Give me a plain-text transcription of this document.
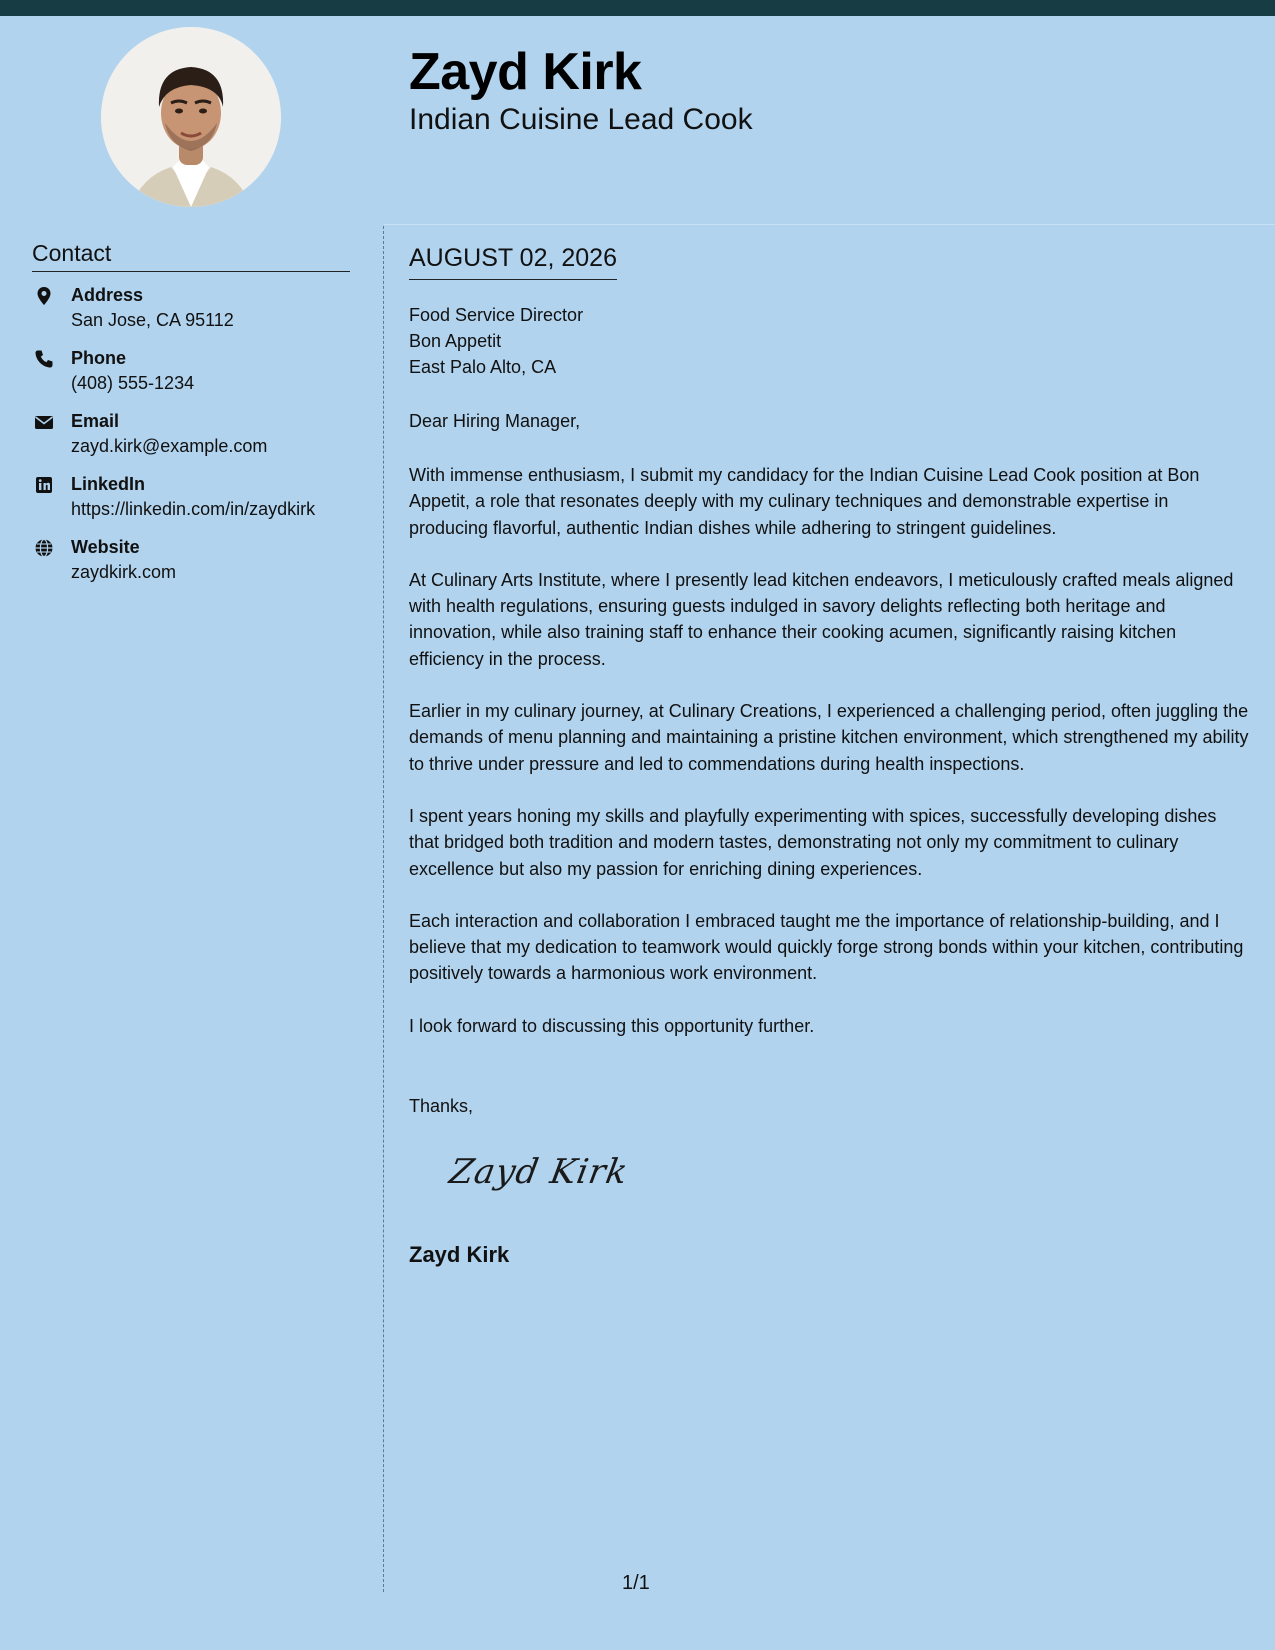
Zayd Kirk
Indian Cuisine Lead Cook
Contact
Address
San Jose, CA 95112
Phone
(408) 555-1234
Email
zayd.kirk@example.com
LinkedIn
https://linkedin.com/in/zaydkirk
Website
zaydkirk.com
AUGUST 02, 2026
Food Service Director
Bon Appetit
East Palo Alto, CA
Dear Hiring Manager,

With immense enthusiasm, I submit my candidacy for the Indian Cuisine Lead Cook position at Bon Appetit, a role that resonates deeply with my culinary techniques and demonstrable expertise in producing flavorful, authentic Indian dishes while adhering to stringent guidelines.

At Culinary Arts Institute, where I presently lead kitchen endeavors, I meticulously crafted meals aligned with health regulations, ensuring guests indulged in savory delights reflecting both heritage and innovation, while also training staff to enhance their cooking acumen, significantly raising kitchen efficiency in the process.

Earlier in my culinary journey, at Culinary Creations, I experienced a challenging period, often juggling the demands of menu planning and maintaining a pristine kitchen environment, which strengthened my ability to thrive under pressure and led to commendations during health inspections.

I spent years honing my skills and playfully experimenting with spices, successfully developing dishes that bridged both tradition and modern tastes, demonstrating not only my commitment to culinary excellence but also my passion for enriching dining experiences.

Each interaction and collaboration I embraced taught me the importance of relationship-building, and I believe that my dedication to teamwork would quickly forge strong bonds within your kitchen, contributing positively towards a harmonious work environment.

I look forward to discussing this opportunity further.

Thanks,
Zayd Kirk
Zayd Kirk
1/1
